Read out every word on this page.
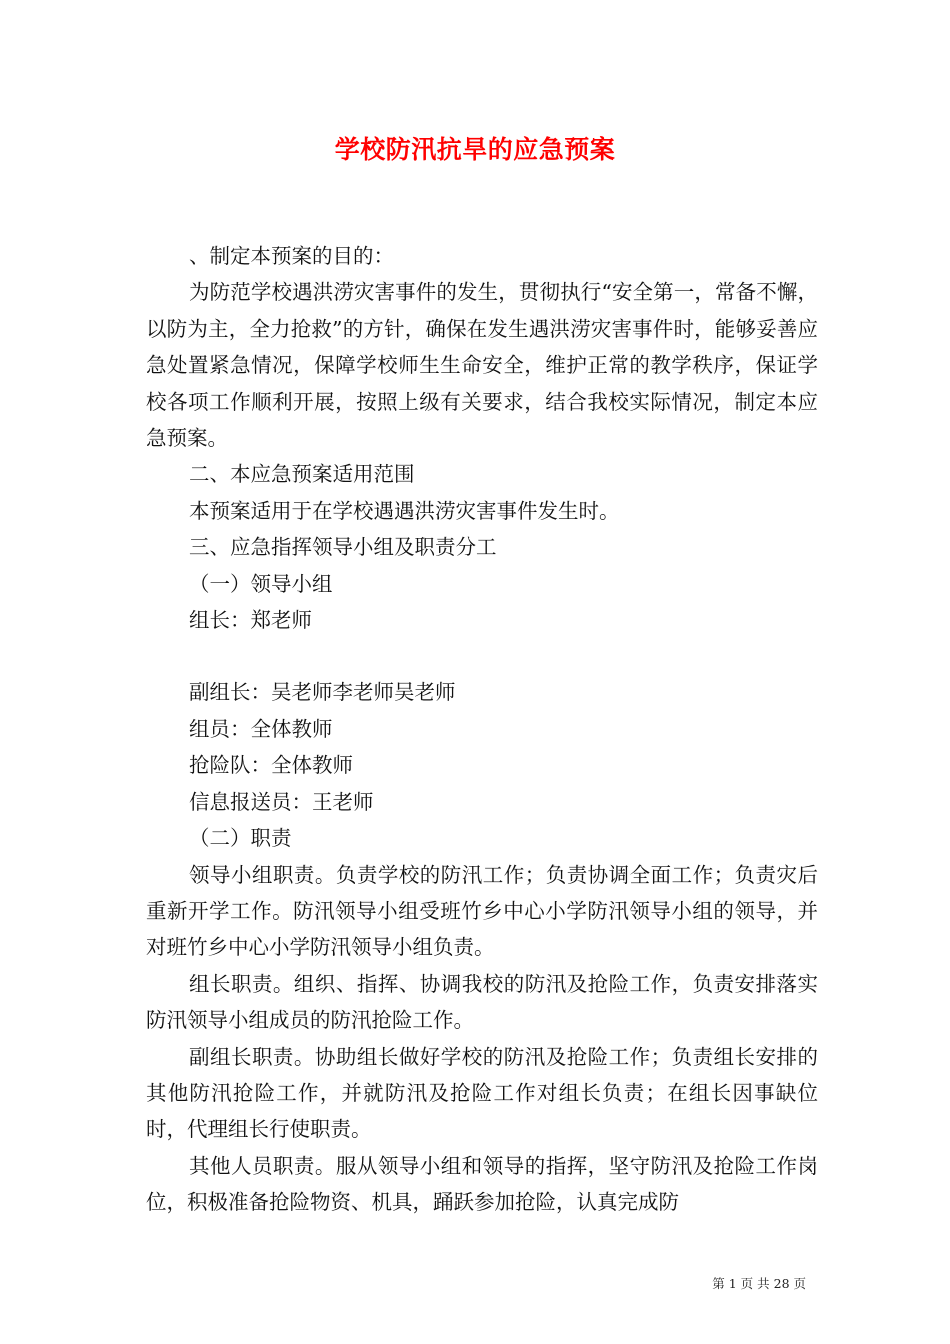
学校防汛抗旱的应急预案

、制定本预案的目的：

为防范学校遇洪涝灾害事件的发生，贯彻执行“安全第一，常备不懈，以防为主，全力抢救”的方针，确保在发生遇洪涝灾害事件时，能够妥善应急处置紧急情况，保障学校师生生命安全，维护正常的教学秩序，保证学校各项工作顺利开展，按照上级有关要求，结合我校实际情况，制定本应急预案。

二、本应急预案适用范围

本预案适用于在学校遇遇洪涝灾害事件发生时。

三、应急指挥领导小组及职责分工

（一）领导小组

组长：郑老师

副组长：吴老师李老师吴老师

组员：全体教师

抢险队：全体教师

信息报送员：王老师

（二）职责

领导小组职责。负责学校的防汛工作；负责协调全面工作；负责灾后重新开学工作。防汛领导小组受班竹乡中心小学防汛领导小组的领导，并对班竹乡中心小学防汛领导小组负责。

组长职责。组织、指挥、协调我校的防汛及抢险工作，负责安排落实防汛领导小组成员的防汛抢险工作。

副组长职责。协助组长做好学校的防汛及抢险工作；负责组长安排的其他防汛抢险工作，并就防汛及抢险工作对组长负责；在组长因事缺位时，代理组长行使职责。

其他人员职责。服从领导小组和领导的指挥，坚守防汛及抢险工作岗位，积极准备抢险物资、机具，踊跃参加抢险，认真完成防

第 1 页 共 28 页
